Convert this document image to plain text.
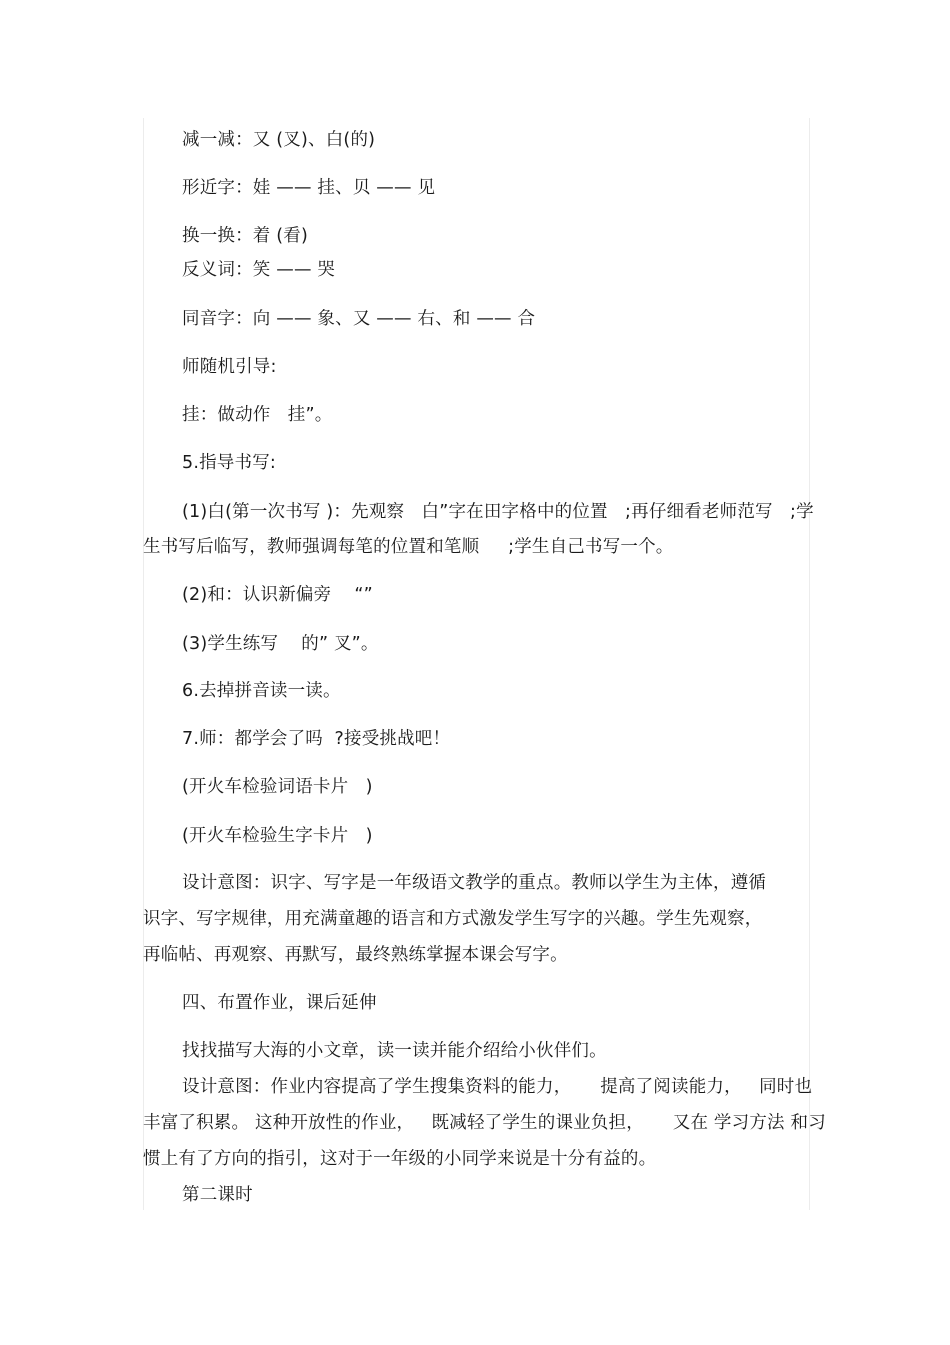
减一减：又 (叉)、白(的)
形近字：娃 —— 挂、贝 —— 见
换一换：着 (看)
反义词：笑 —— 哭
同音字：向 —— 象、又 —— 右、和 —— 合
师随机引导:
挂：做动作   挂”。
5.指导书写:
(1)白(第一次书写 )：先观察   白”字在田字格中的位置   ;再仔细看老师范写   ;学
生书写后临写，教师强调每笔的位置和笔顺     ;学生自己书写一个。
(2)和：认识新偏旁    “”
(3)学生练写    的” 叉”。
6.去掉拼音读一读。
7.师：都学会了吗  ?接受挑战吧！
(开火车检验词语卡片   )
(开火车检验生字卡片   )
设计意图：识字、写字是一年级语文教学的重点。教师以学生为主体，遵循
识字、写字规律，用充满童趣的语言和方式激发学生写字的兴趣。学生先观察，
再临帖、再观察、再默写，最终熟练掌握本课会写字。
四、布置作业，课后延伸
找找描写大海的小文章，读一读并能介绍给小伙伴们。
设计意图：作业内容提高了学生搜集资料的能力，     提高了阅读能力，   同时也
丰富了积累。 这种开放性的作业，   既减轻了学生的课业负担，     又在 学习方法 和习
惯上有了方向的指引，这对于一年级的小同学来说是十分有益的。
第二课时
